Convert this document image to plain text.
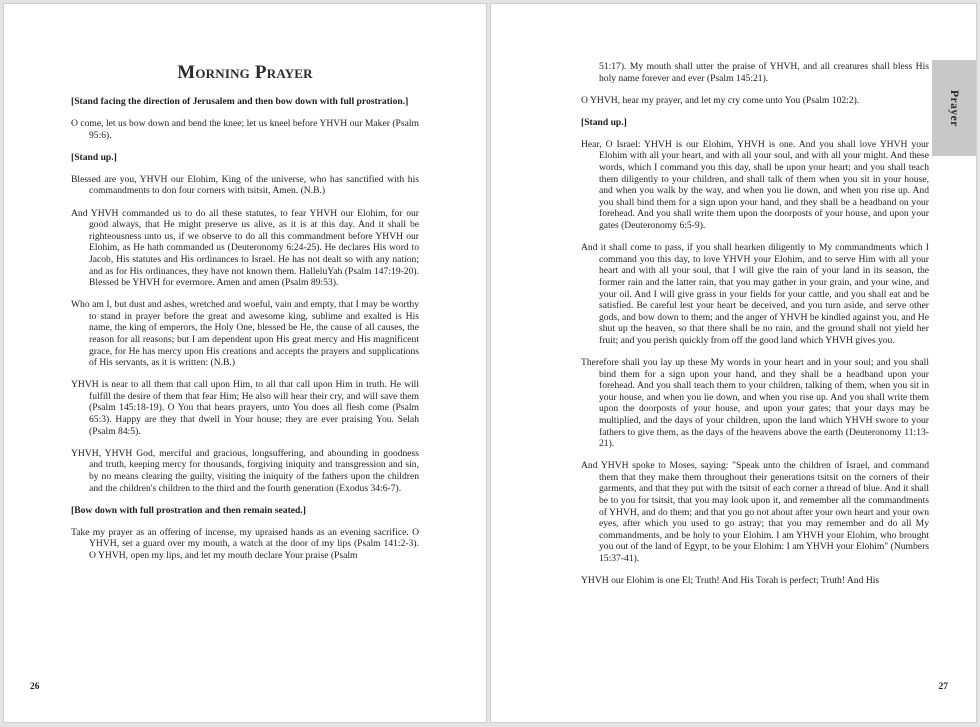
Morning Prayer

[Stand facing the direction of Jerusalem and then bow down with full prostration.]

O come, let us bow down and bend the knee; let us kneel before YHVH our Maker (Psalm 95:6).

[Stand up.]

Blessed are you, YHVH our Elohim, King of the universe, who has sanctified with his commandments to don four corners with tsitsit, Amen. (N.B.)

And YHVH commanded us to do all these statutes, to fear YHVH our Elohim, for our good always, that He might preserve us alive, as it is at this day. And it shall be righteousness unto us, if we observe to do all this commandment before YHVH our Elohim, as He hath commanded us (Deuteronomy 6:24-25). He declares His word to Jacob, His statutes and His ordinances to Israel. He has not dealt so with any nation; and as for His ordinances, they have not known them. HalleluYah (Psalm 147:19-20). Blessed be YHVH for evermore. Amen and amen (Psalm 89:53).

Who am I, but dust and ashes, wretched and woeful, vain and empty, that I may be worthy to stand in prayer before the great and awesome king, sublime and exalted is His name, the king of emperors, the Holy One, blessed be He, the cause of all causes, the reason for all reasons; but I am dependent upon His great mercy and His magnificent grace, for He has mercy upon His creations and accepts the prayers and supplications of His servants, as it is written: (N.B.)

YHVH is near to all them that call upon Him, to all that call upon Him in truth. He will fulfill the desire of them that fear Him; He also will hear their cry, and will save them (Psalm 145:18-19). O You that hears prayers, unto You does all flesh come (Psalm 65:3). Happy are they that dwell in Your house; they are ever praising You. Selah (Psalm 84:5).

YHVH, YHVH God, merciful and gracious, longsuffering, and abounding in goodness and truth, keeping mercy for thousands, forgiving iniquity and transgression and sin, by no means clearing the guilty, visiting the iniquity of the fathers upon the children and the children's children to the third and the fourth generation (Exodus 34:6-7).

[Bow down with full prostration and then remain seated.]

Take my prayer as an offering of incense, my upraised hands as an evening sacrifice. O YHVH, set a guard over my mouth, a watch at the door of my lips (Psalm 141:2-3). O YHVH, open my lips, and let my mouth declare Your praise (Psalm

26
Prayer

51:17). My mouth shall utter the praise of YHVH, and all creatures shall bless His holy name forever and ever (Psalm 145:21).

O YHVH, hear my prayer, and let my cry come unto You (Psalm 102:2).

[Stand up.]

Hear, O Israel: YHVH is our Elohim, YHVH is one. And you shall love YHVH your Elohim with all your heart, and with all your soul, and with all your might. And these words, which I command you this day, shall be upon your heart; and you shall teach them diligently to your children, and shall talk of them when you sit in your house, and when you walk by the way, and when you lie down, and when you rise up. And you shall bind them for a sign upon your hand, and they shall be a headband on your forehead. And you shall write them upon the doorposts of your house, and upon your gates (Deuteronomy 6:5-9).

And it shall come to pass, if you shall hearken diligently to My commandments which I command you this day, to love YHVH your Elohim, and to serve Him with all your heart and with all your soul, that I will give the rain of your land in its season, the former rain and the latter rain, that you may gather in your grain, and your wine, and your oil. And I will give grass in your fields for your cattle, and you shall eat and be satisfied. Be careful lest your heart be deceived, and you turn aside, and serve other gods, and bow down to them; and the anger of YHVH be kindled against you, and He shut up the heaven, so that there shall be no rain, and the ground shall not yield her fruit; and you perish quickly from off the good land which YHVH gives you.

Therefore shall you lay up these My words in your heart and in your soul; and you shall bind them for a sign upon your hand, and they shall be a headband upon your forehead. And you shall teach them to your children, talking of them, when you sit in your house, and when you lie down, and when you rise up. And you shall write them upon the doorposts of your house, and upon your gates; that your days may be multiplied, and the days of your children, upon the land which YHVH swore to your fathers to give them, as the days of the heavens above the earth (Deuteronomy 11:13-21).

And YHVH spoke to Moses, saying: "Speak unto the children of Israel, and command them that they make them throughout their generations tsitsit on the corners of their garments, and that they put with the tsitsit of each corner a thread of blue. And it shall be to you for tsitsit, that you may look upon it, and remember all the commandments of YHVH, and do them; and that you go not about after your own heart and your own eyes, after which you used to go astray; that you may remember and do all My commandments, and be holy to your Elohim. I am YHVH your Elohim, who brought you out of the land of Egypt, to be your Elohim: I am YHVH your Elohim" (Numbers 15:37-41).

YHVH our Elohim is one El; Truth! And His Torah is perfect; Truth! And His

27
